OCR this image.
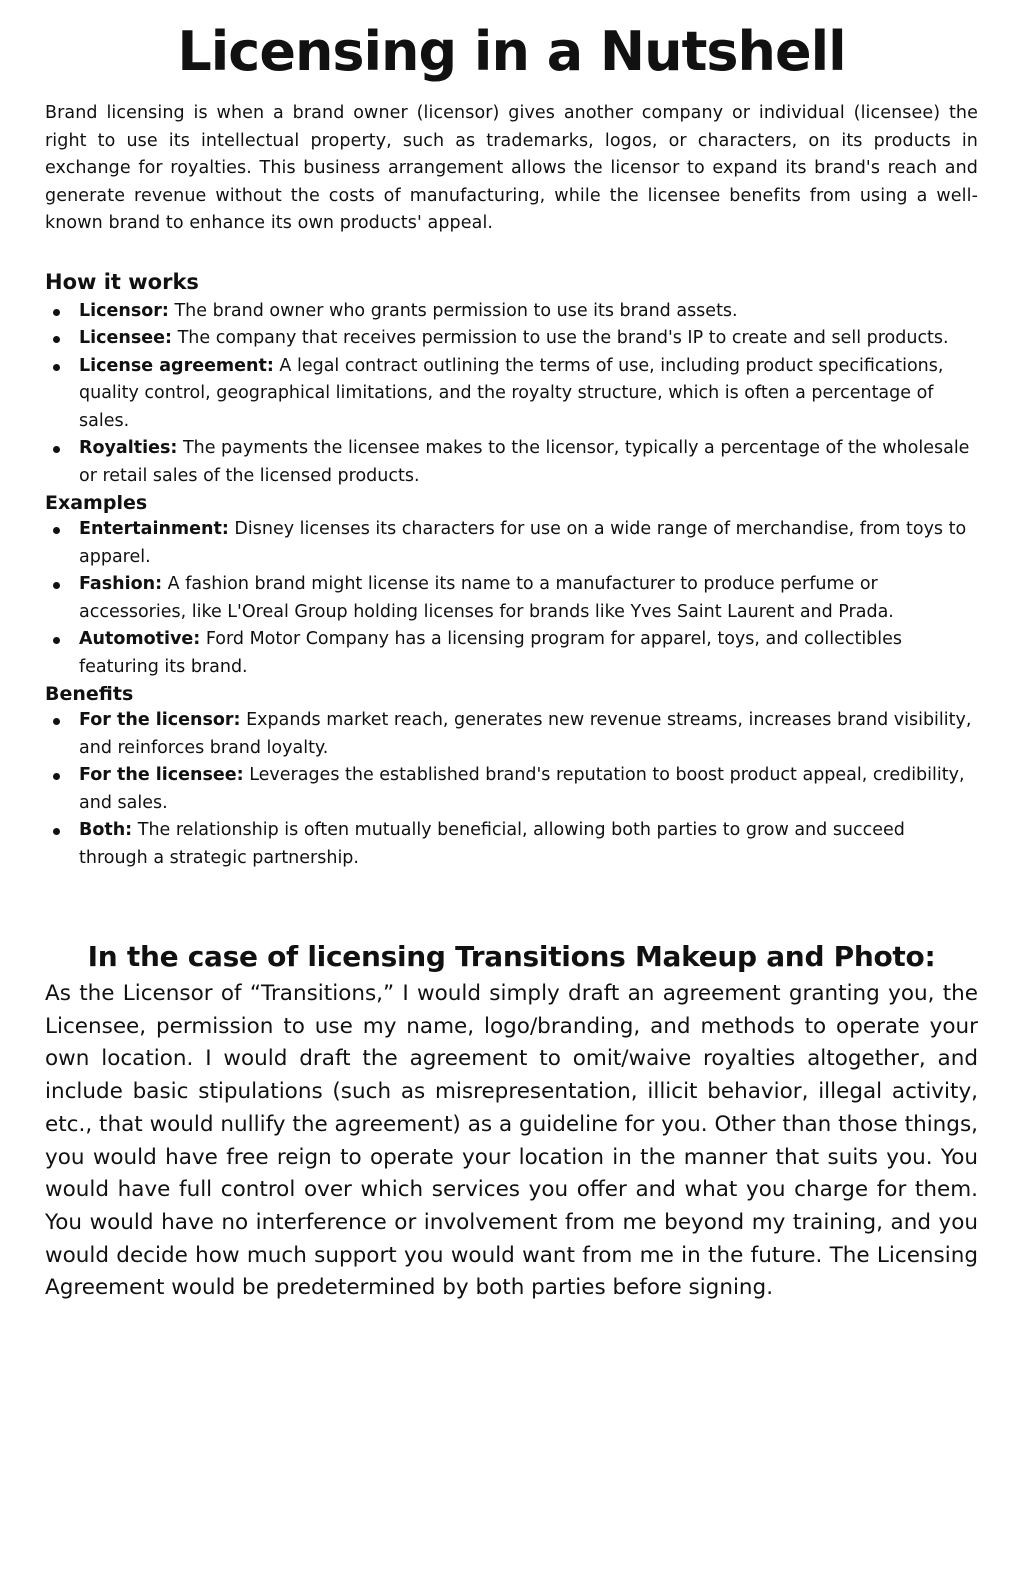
Licensing in a Nutshell

Brand licensing is when a brand owner (licensor) gives another company or individual (licensee) the right to use its intellectual property, such as trademarks, logos, or characters, on its products in exchange for royalties. This business arrangement allows the licensor to expand its brand's reach and generate revenue without the costs of manufacturing, while the licensee benefits from using a well-known brand to enhance its own products' appeal.

How it works
Licensor: The brand owner who grants permission to use its brand assets.
Licensee: The company that receives permission to use the brand's IP to create and sell products.
License agreement: A legal contract outlining the terms of use, including product specifications, quality control, geographical limitations, and the royalty structure, which is often a percentage of sales.
Royalties: The payments the licensee makes to the licensor, typically a percentage of the wholesale or retail sales of the licensed products.
Examples
Entertainment: Disney licenses its characters for use on a wide range of merchandise, from toys to apparel.
Fashion: A fashion brand might license its name to a manufacturer to produce perfume or accessories, like L'Oreal Group holding licenses for brands like Yves Saint Laurent and Prada.
Automotive: Ford Motor Company has a licensing program for apparel, toys, and collectibles featuring its brand.
Benefits
For the licensor: Expands market reach, generates new revenue streams, increases brand visibility, and reinforces brand loyalty.
For the licensee: Leverages the established brand's reputation to boost product appeal, credibility, and sales.
Both: The relationship is often mutually beneficial, allowing both parties to grow and succeed through a strategic partnership.
In the case of licensing Transitions Makeup and Photo:

As the Licensor of “Transitions,” I would simply draft an agreement granting you, the Licensee, permission to use my name, logo/branding, and methods to operate your own location. I would draft the agreement to omit/waive royalties altogether, and include basic stipulations (such as misrepresentation, illicit behavior, illegal activity, etc., that would nullify the agreement) as a guideline for you. Other than those things, you would have free reign to operate your location in the manner that suits you. You would have full control over which services you offer and what you charge for them. You would have no interference or involvement from me beyond my training, and you would decide how much support you would want from me in the future. The Licensing Agreement would be predetermined by both parties before signing.
